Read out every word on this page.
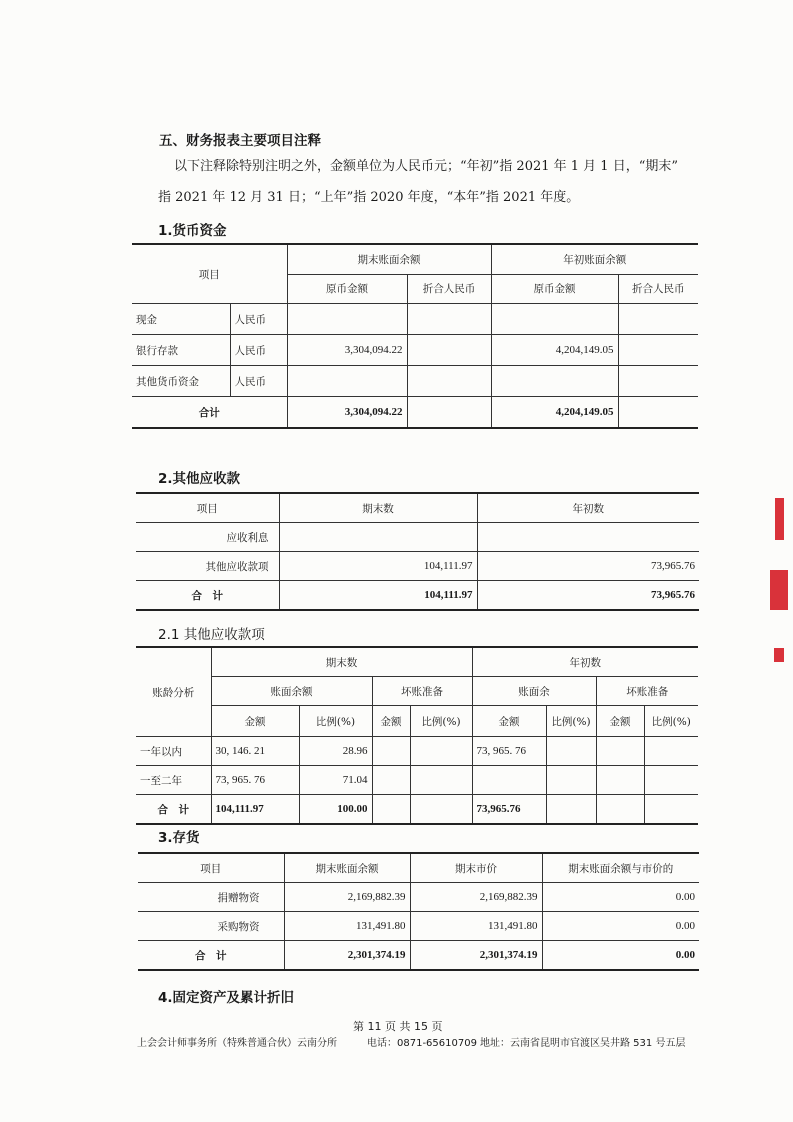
五、财务报表主要项目注释
以下注释除特别注明之外，金额单位为人民币元；“年初”指 2021 年 1 月 1 日，“期末”
指 2021 年 12 月 31 日；“上年”指 2020 年度，“本年”指 2021 年度。
1.货币资金
项目		期末账面余额		年初账面余额	
		原币金额	折合人民币	原币金额	折合人民币
现金	人民币				
银行存款	人民币	3,304,094.22		4,204,149.05	
其他货币资金	人民币				
合计		3,304,094.22		4,204,149.05	
2.其他应收款
项目	期末数	年初数
应收利息		
其他应收款项	104,111.97	73,965.76
合　计	104,111.97	73,965.76
2.1 其他应收款项
账龄分析	期末数				年初数			
	账面余额		坏账准备		账面余		坏账准备	
	金额	比例(%)	金额	比例(%)	金额	比例(%)	金额	比例(%)
一年以内	30, 146. 21	28.96			73, 965. 76			
一至二年	73, 965. 76	71.04						
合　计	104,111.97	100.00			73,965.76			
3.存货
项目	期末账面余额	期末市价	期末账面余额与市价的
捐赠物资	2,169,882.39	2,169,882.39	0.00
采购物资	131,491.80	131,491.80	0.00
合　计	2,301,374.19	2,301,374.19	0.00
4.固定资产及累计折旧
第 11 页 共 15 页
上会会计师事务所（特殊普通合伙）云南分所	电话：0871-65610709 地址：云南省昆明市官渡区吴井路 531 号五层
